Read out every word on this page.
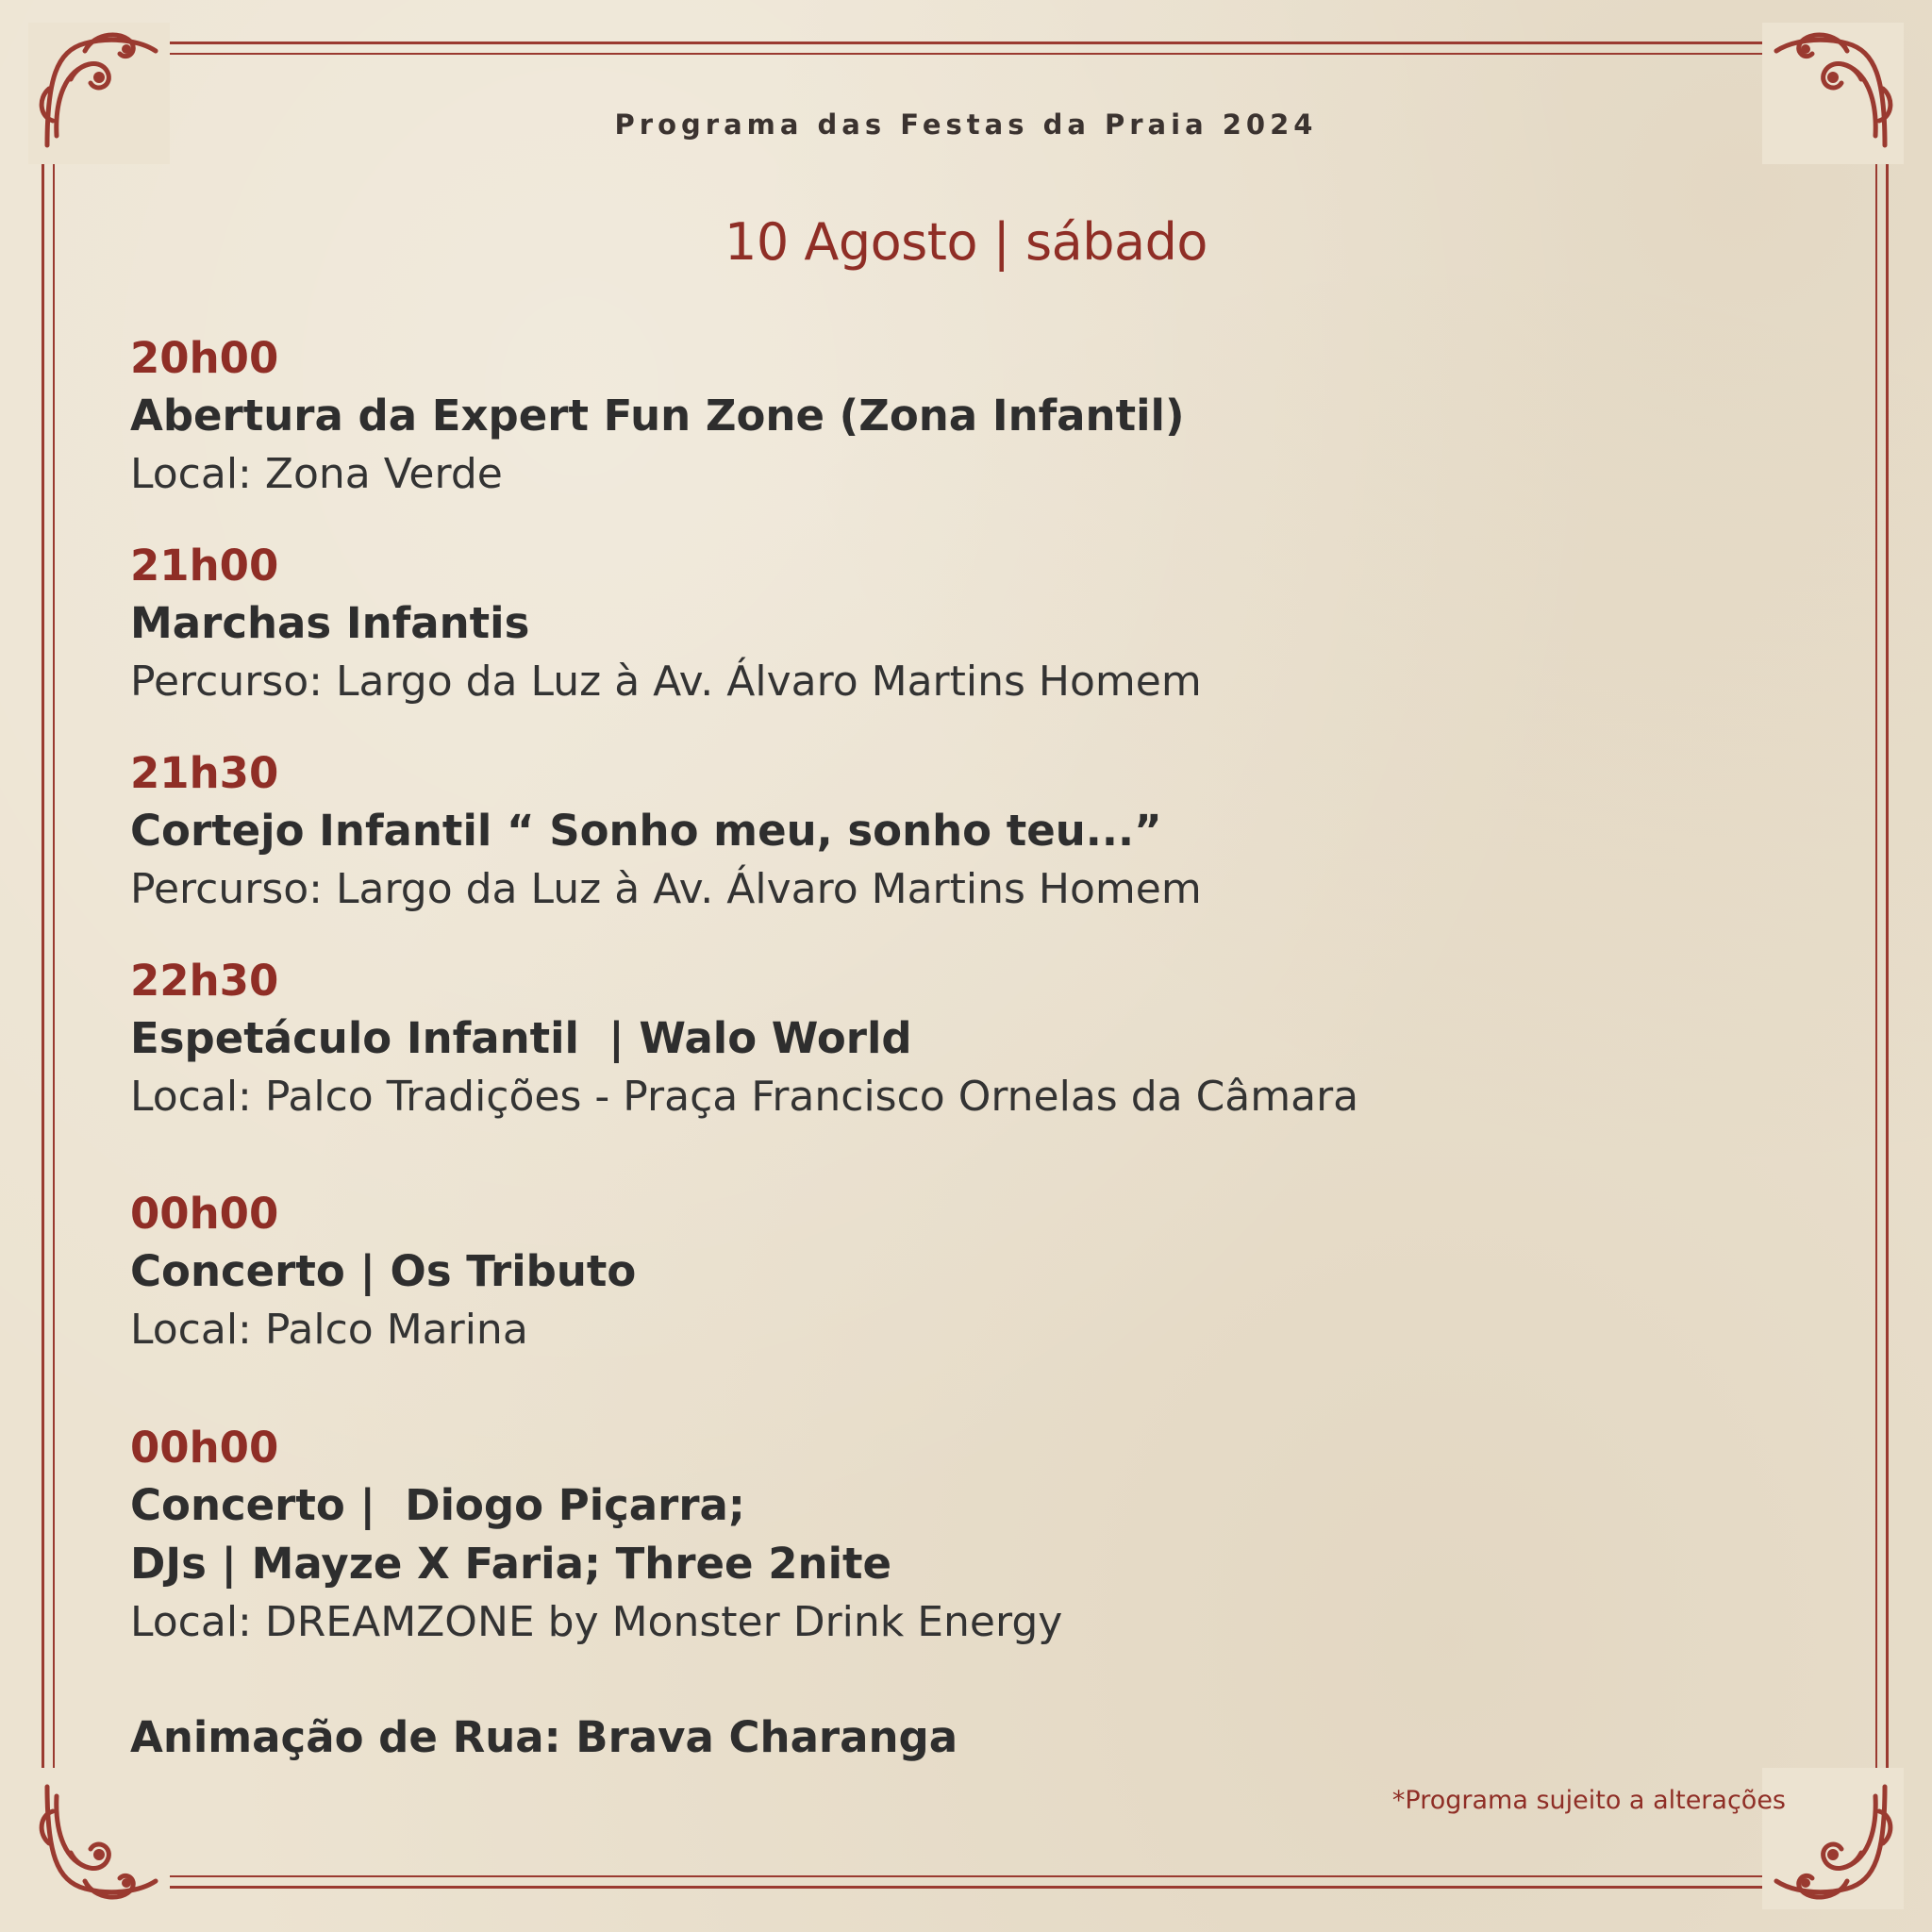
Programa das Festas da Praia 2024
10 Agosto | sábado
20h00
Abertura da Expert Fun Zone (Zona Infantil)
Local: Zona Verde
21h00
Marchas Infantis
Percurso: Largo da Luz à Av. Álvaro Martins Homem
21h30
Cortejo Infantil “ Sonho meu, sonho teu...”
Percurso: Largo da Luz à Av. Álvaro Martins Homem
22h30
Espetáculo Infantil  | Walo World
Local: Palco Tradições - Praça Francisco Ornelas da Câmara
00h00
Concerto | Os Tributo
Local: Palco Marina
00h00
Concerto |  Diogo Piçarra;
DJs | Mayze X Faria; Three 2nite
Local: DREAMZONE by Monster Drink Energy
Animação de Rua: Brava Charanga
*Programa sujeito a alterações
